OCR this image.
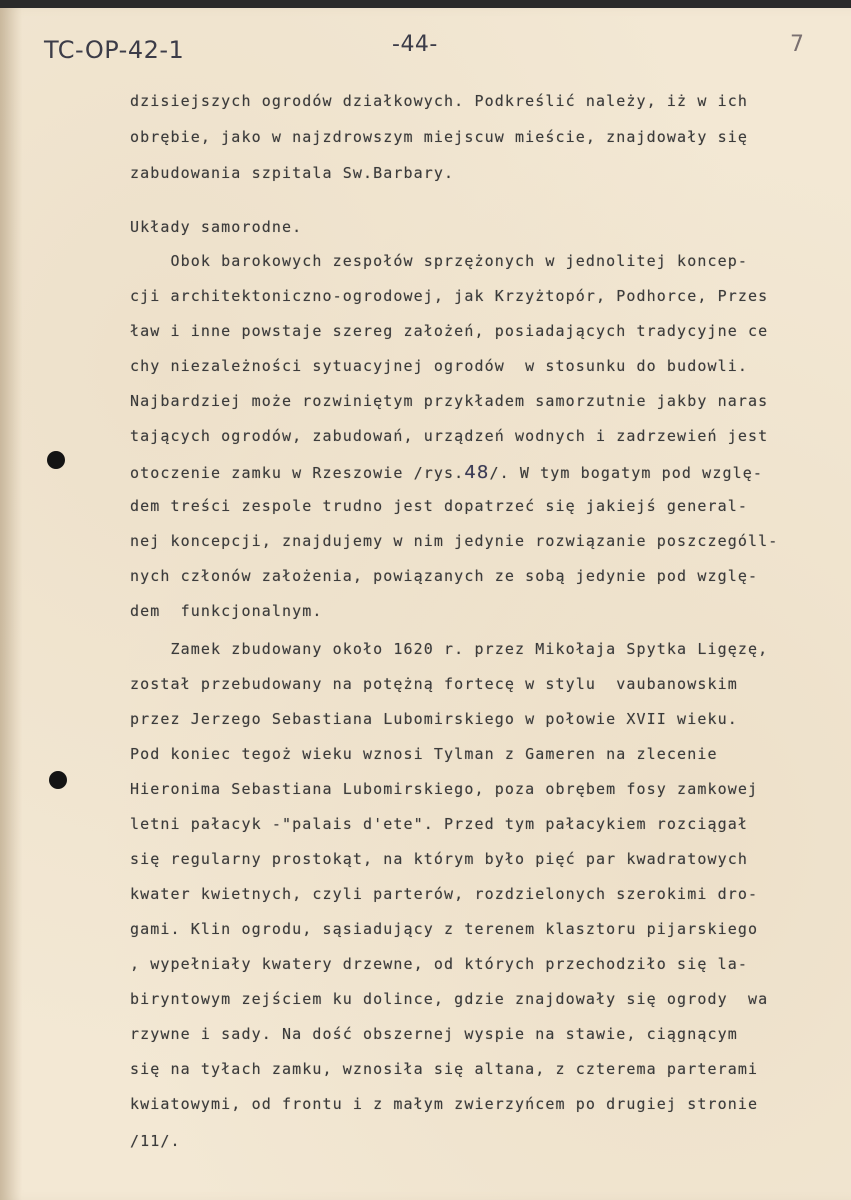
TC-OP-42-1	-44-	7

dzisiejszych ogrodów działkowych. Podkreślić należy, iż w ich

obrębie, jako w najzdrowszym miejscuw mieście, znajdowały się

zabudowania szpitala Sw.Barbary.

Układy samorodne.

Obok barokowych zespołów sprzężonych w jednolitej koncep-

cji architektoniczno-ogrodowej, jak Krzyżtopór, Podhorce, Przes

ław i inne powstaje szereg założeń, posiadających tradycyjne ce

chy niezależności sytuacyjnej ogrodów  w stosunku do budowli.

Najbardziej może rozwiniętym przykładem samorzutnie jakby naras

tających ogrodów, zabudowań, urządzeń wodnych i zadrzewień jest

otoczenie zamku w Rzeszowie /rys.48/. W tym bogatym pod wzglę-

dem treści zespole trudno jest dopatrzeć się jakiejś general-

nej koncepcji, znajdujemy w nim jedynie rozwiązanie poszczególl-

nych członów założenia, powiązanych ze sobą jedynie pod wzglę-

dem  funkcjonalnym.

Zamek zbudowany około 1620 r. przez Mikołaja Spytka Ligęzę,

został przebudowany na potężną fortecę w stylu  vaubanowskim

przez Jerzego Sebastiana Lubomirskiego w połowie XVII wieku.

Pod koniec tegoż wieku wznosi Tylman z Gameren na zlecenie

Hieronima Sebastiana Lubomirskiego, poza obrębem fosy zamkowej

letni pałacyk -"palais d'ete". Przed tym pałacykiem rozciągał

się regularny prostokąt, na którym było pięć par kwadratowych

kwater kwietnych, czyli parterów, rozdzielonych szerokimi dro-

gami. Klin ogrodu, sąsiadujący z terenem klasztoru pijarskiego

, wypełniały kwatery drzewne, od których przechodziło się la-

biryntowym zejściem ku dolince, gdzie znajdowały się ogrody  wa

rzywne i sady. Na dość obszernej wyspie na stawie, ciągnącym

się na tyłach zamku, wznosiła się altana, z czterema parterami

kwiatowymi, od frontu i z małym zwierzyńcem po drugiej stronie

/11/.
